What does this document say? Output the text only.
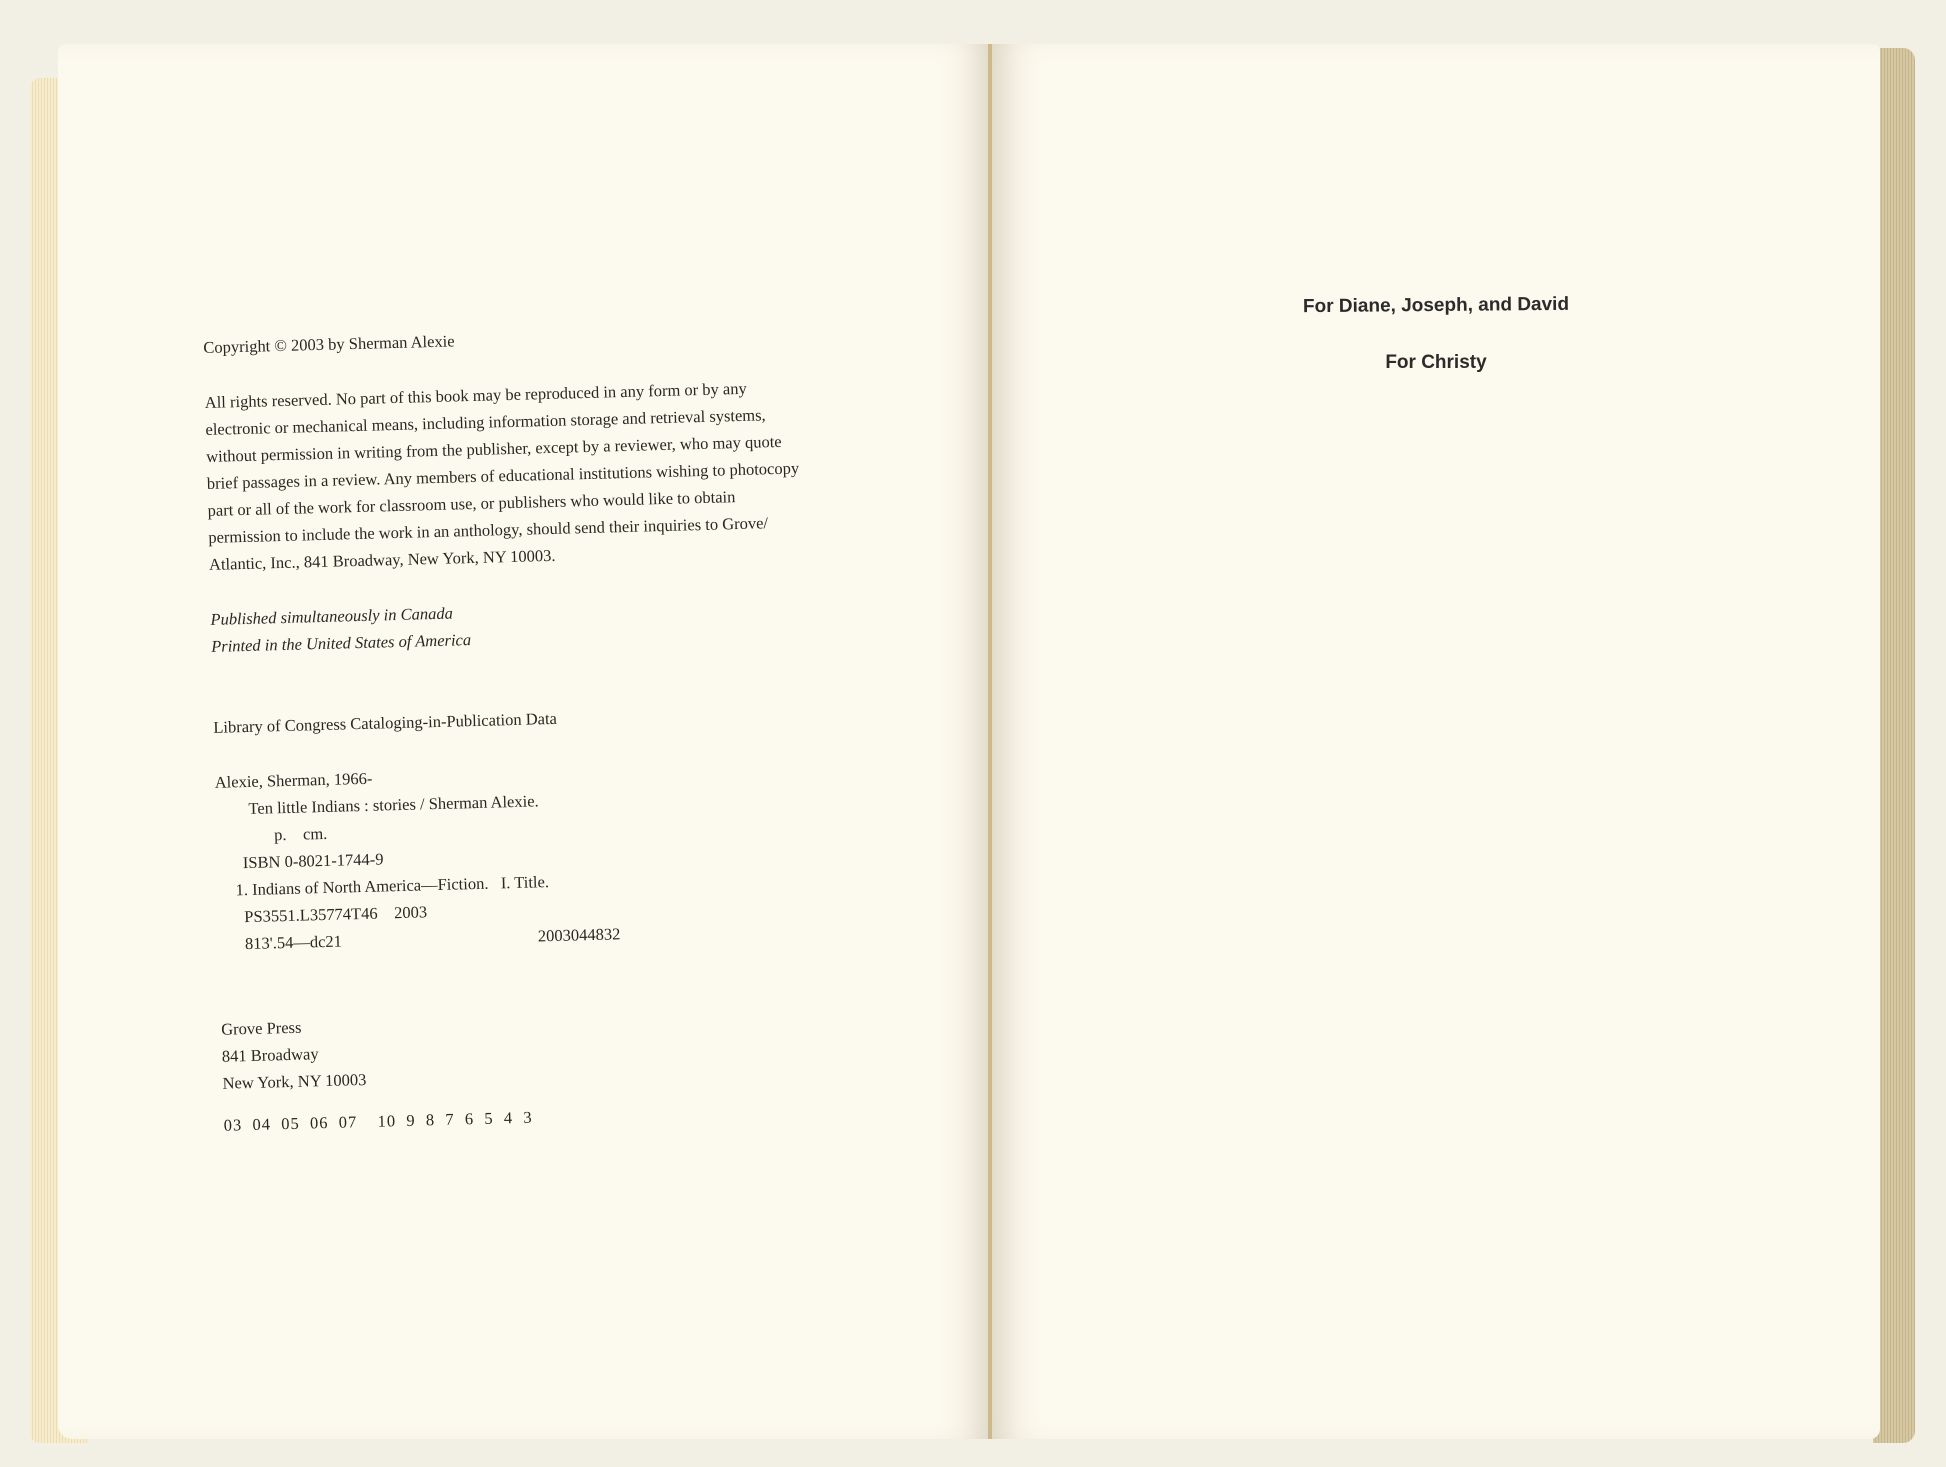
Copyright © 2003 by Sherman Alexie

All rights reserved. No part of this book may be reproduced in any form or by any
electronic or mechanical means, including information storage and retrieval systems,
without permission in writing from the publisher, except by a reviewer, who may quote
brief passages in a review. Any members of educational institutions wishing to photocopy
part or all of the work for classroom use, or publishers who would like to obtain
permission to include the work in an anthology, should send their inquiries to Grove/
Atlantic, Inc., 841 Broadway, New York, NY 10003.
Published simultaneously in Canada
Printed in the United States of America
Library of Congress Cataloging-in-Publication Data
Alexie, Sherman, 1966-
Ten little Indians : stories / Sherman Alexie.
p.    cm.
ISBN 0-8021-1744-9
1. Indians of North America—Fiction.   I. Title.
PS3551.L35774T46    2003
813'.54—dc21	2003044832
Grove Press
841 Broadway
New York, NY 10003
03  04  05  06  07    10  9  8  7  6  5  4  3
For Diane, Joseph, and David
For Christy
